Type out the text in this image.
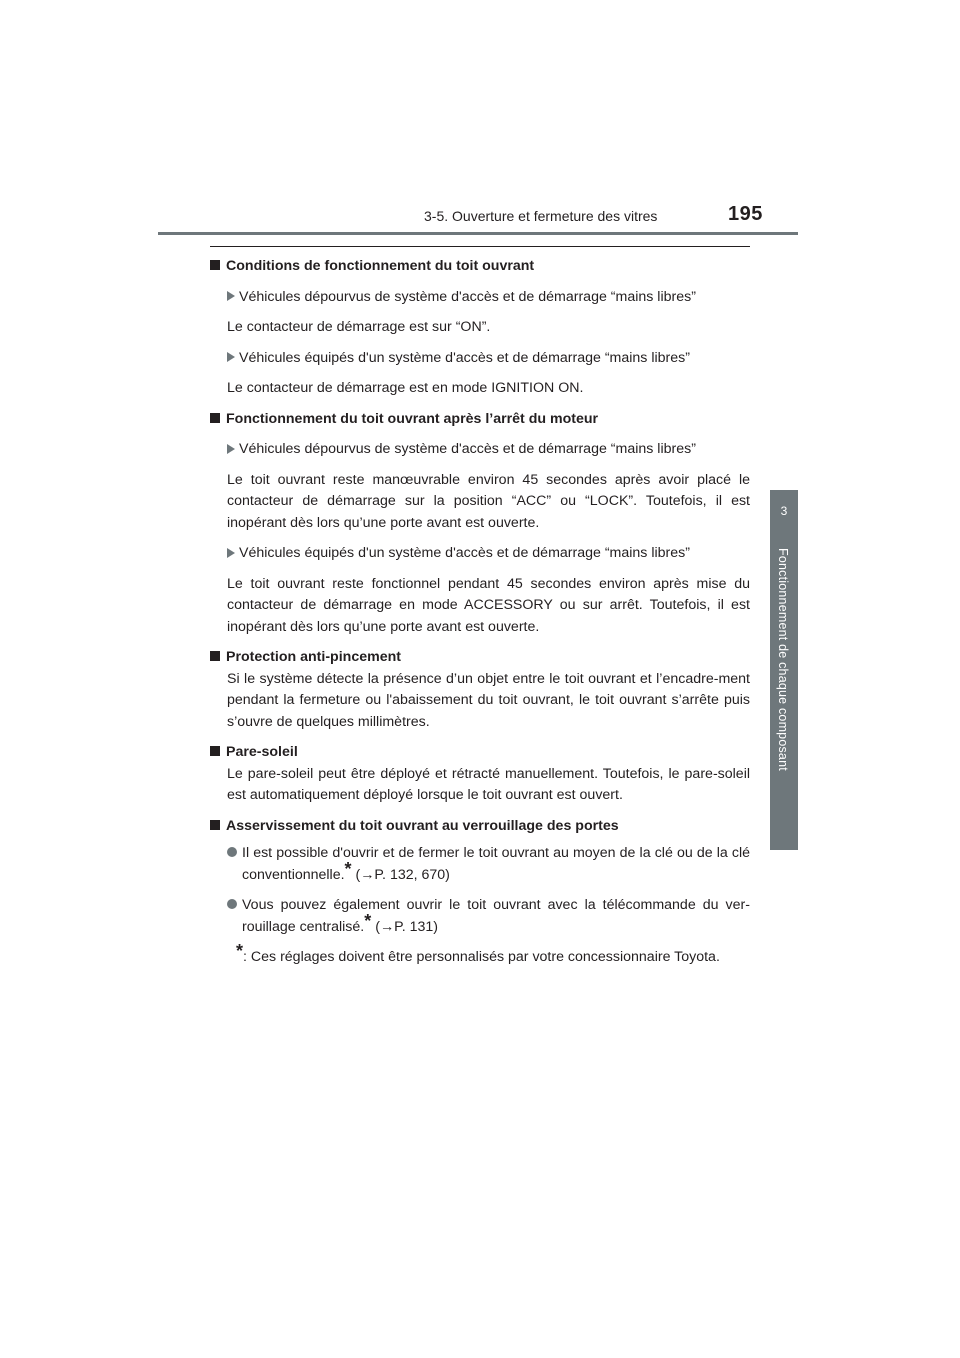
3-5. Ouverture et fermeture des vitres	195
3
Fonctionnement de chaque composant

Conditions de fonctionnement du toit ouvrant

Véhicules dépourvus de système d'accès et de démarrage “mains libres”

Le contacteur de démarrage est sur “ON”.

Véhicules équipés d'un système d'accès et de démarrage “mains libres”

Le contacteur de démarrage est en mode IGNITION ON.

Fonctionnement du toit ouvrant après l’arrêt du moteur

Véhicules dépourvus de système d'accès et de démarrage “mains libres”

Le toit ouvrant reste manœuvrable environ 45 secondes après avoir placé le contacteur de démarrage sur la position “ACC” ou “LOCK”. Toutefois, il est inopérant dès lors qu’une porte avant est ouverte.

Véhicules équipés d'un système d'accès et de démarrage “mains libres”

Le toit ouvrant reste fonctionnel pendant 45 secondes environ après mise du contacteur de démarrage en mode ACCESSORY ou sur arrêt. Toutefois, il est inopérant dès lors qu’une porte avant est ouverte.

Protection anti-pincement

Si le système détecte la présence d’un objet entre le toit ouvrant et l’encadre-ment pendant la fermeture ou l'abaissement du toit ouvrant, le toit ouvrant s’arrête puis s’ouvre de quelques millimètres.

Pare-soleil

Le pare-soleil peut être déployé et rétracté manuellement. Toutefois, le pare-soleil est automatiquement déployé lorsque le toit ouvrant est ouvert.

Asservissement du toit ouvrant au verrouillage des portes

Il est possible d'ouvrir et de fermer le toit ouvrant au moyen de la clé ou de la clé conventionnelle.* (→P. 132, 670)

Vous pouvez également ouvrir le toit ouvrant avec la télécommande du ver-rouillage centralisé.* (→P. 131)

*: Ces réglages doivent être personnalisés par votre concessionnaire Toyota.
